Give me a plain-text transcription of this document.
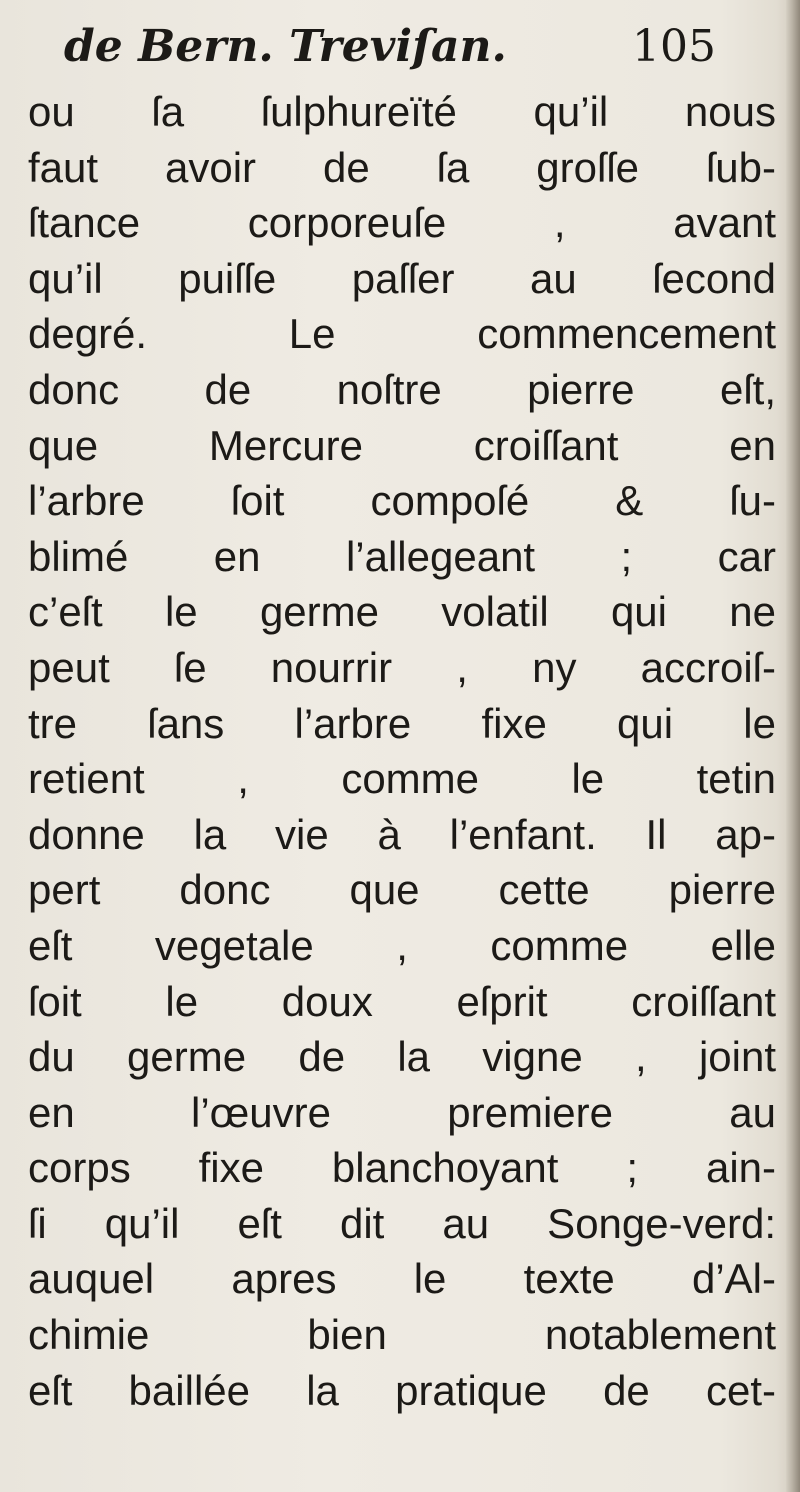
de Bern. Treviſan.	105
ou ſa ſulphureïté qu’il nous
faut avoir de ſa groſſe ſub-
ſtance corporeuſe , avant
qu’il puiſſe paſſer au ſecond
degré. Le commencement
donc de noſtre pierre eſt,
que Mercure croiſſant en
l’arbre ſoit compoſé & ſu-
blimé en l’allegeant ; car
c’eſt le germe volatil qui ne
peut ſe nourrir , ny accroiſ-
tre ſans l’arbre fixe qui le
retient , comme le tetin
donne la vie à l’enfant. Il ap-
pert donc que cette pierre
eſt vegetale , comme elle
ſoit le doux eſprit croiſſant
du germe de la vigne , joint
en l’œuvre premiere au
corps fixe blanchoyant ; ain-
ſi qu’il eſt dit au Songe-verd:
auquel apres le texte d’Al-
chimie bien notablement
eſt baillée la pratique de cet-
